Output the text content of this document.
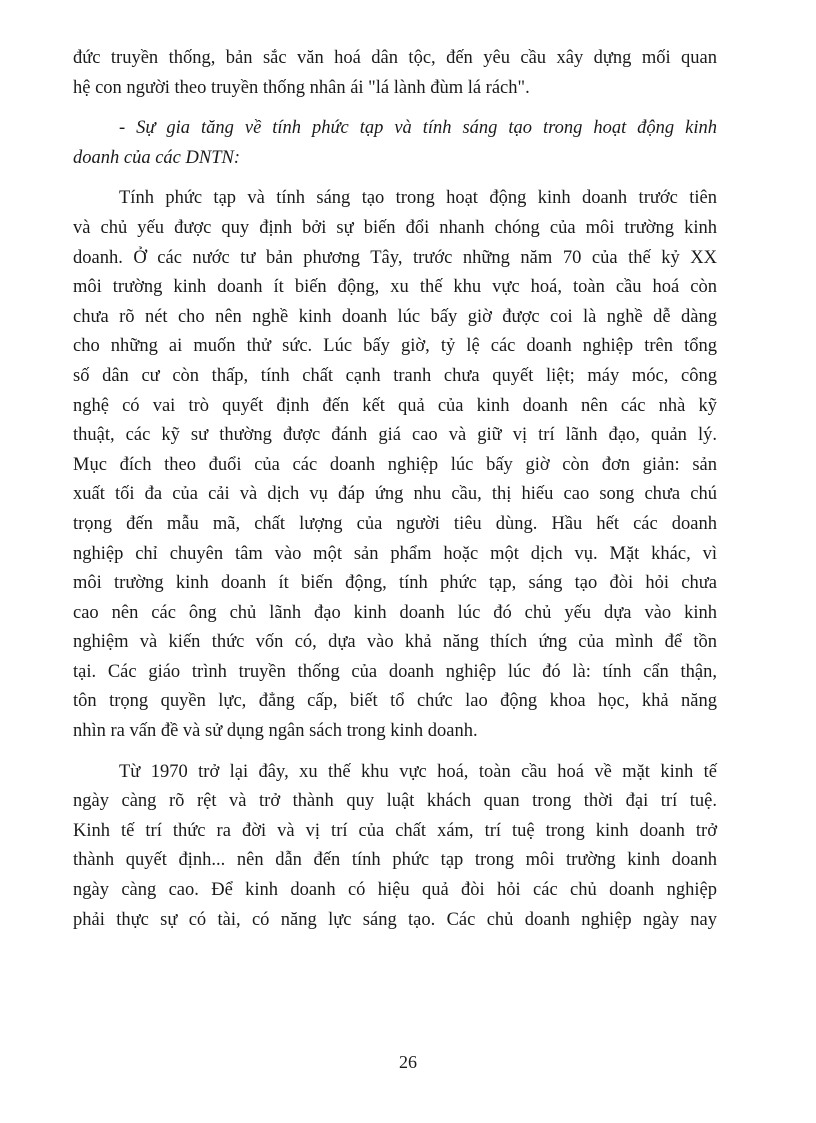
đức truyền thống, bản sắc văn hoá dân tộc, đến yêu cầu xây dựng mối quan
hệ con người theo truyền thống nhân ái "lá lành đùm lá rách".
- Sự gia tăng về tính phức tạp và tính sáng tạo trong hoạt động kinh
doanh của các DNTN:
Tính phức tạp và tính sáng tạo trong hoạt động kinh doanh trước tiên
và chủ yếu được quy định bởi sự biến đổi nhanh chóng của môi trường kinh
doanh. Ở các nước tư bản phương Tây, trước những năm 70 của thế kỷ XX
môi trường kinh doanh ít biến động, xu thế khu vực hoá, toàn cầu hoá còn
chưa rõ nét cho nên nghề kinh doanh lúc bấy giờ được coi là nghề dễ dàng
cho những ai muốn thử sức. Lúc bấy giờ, tỷ lệ các doanh nghiệp trên tổng
số dân cư còn thấp, tính chất cạnh tranh chưa quyết liệt; máy móc, công
nghệ có vai trò quyết định đến kết quả của kinh doanh nên các nhà kỹ
thuật, các kỹ sư thường được đánh giá cao và giữ vị trí lãnh đạo, quản lý.
Mục đích theo đuổi của các doanh nghiệp lúc bấy giờ còn đơn giản: sản
xuất tối đa của cải và dịch vụ đáp ứng nhu cầu, thị hiếu cao song chưa chú
trọng đến mẫu mã, chất lượng của người tiêu dùng. Hầu hết các doanh
nghiệp chỉ chuyên tâm vào một sản phẩm hoặc một dịch vụ. Mặt khác, vì
môi trường kinh doanh ít biến động, tính phức tạp, sáng tạo đòi hỏi chưa
cao nên các ông chủ lãnh đạo kinh doanh lúc đó chủ yếu dựa vào kinh
nghiệm và kiến thức vốn có, dựa vào khả năng thích ứng của mình để tồn
tại. Các giáo trình truyền thống của doanh nghiệp lúc đó là: tính cẩn thận,
tôn trọng quyền lực, đẳng cấp, biết tổ chức lao động khoa học, khả năng
nhìn ra vấn đề và sử dụng ngân sách trong kinh doanh.
Từ 1970 trở lại đây, xu thế khu vực hoá, toàn cầu hoá về mặt kinh tế
ngày càng rõ rệt và trở thành quy luật khách quan trong thời đại trí tuệ.
Kinh tế trí thức ra đời và vị trí của chất xám, trí tuệ trong kinh doanh trở
thành quyết định... nên dẫn đến tính phức tạp trong môi trường kinh doanh
ngày càng cao. Để kinh doanh có hiệu quả đòi hỏi các chủ doanh nghiệp
phải thực sự có tài, có năng lực sáng tạo. Các chủ doanh nghiệp ngày nay
26
